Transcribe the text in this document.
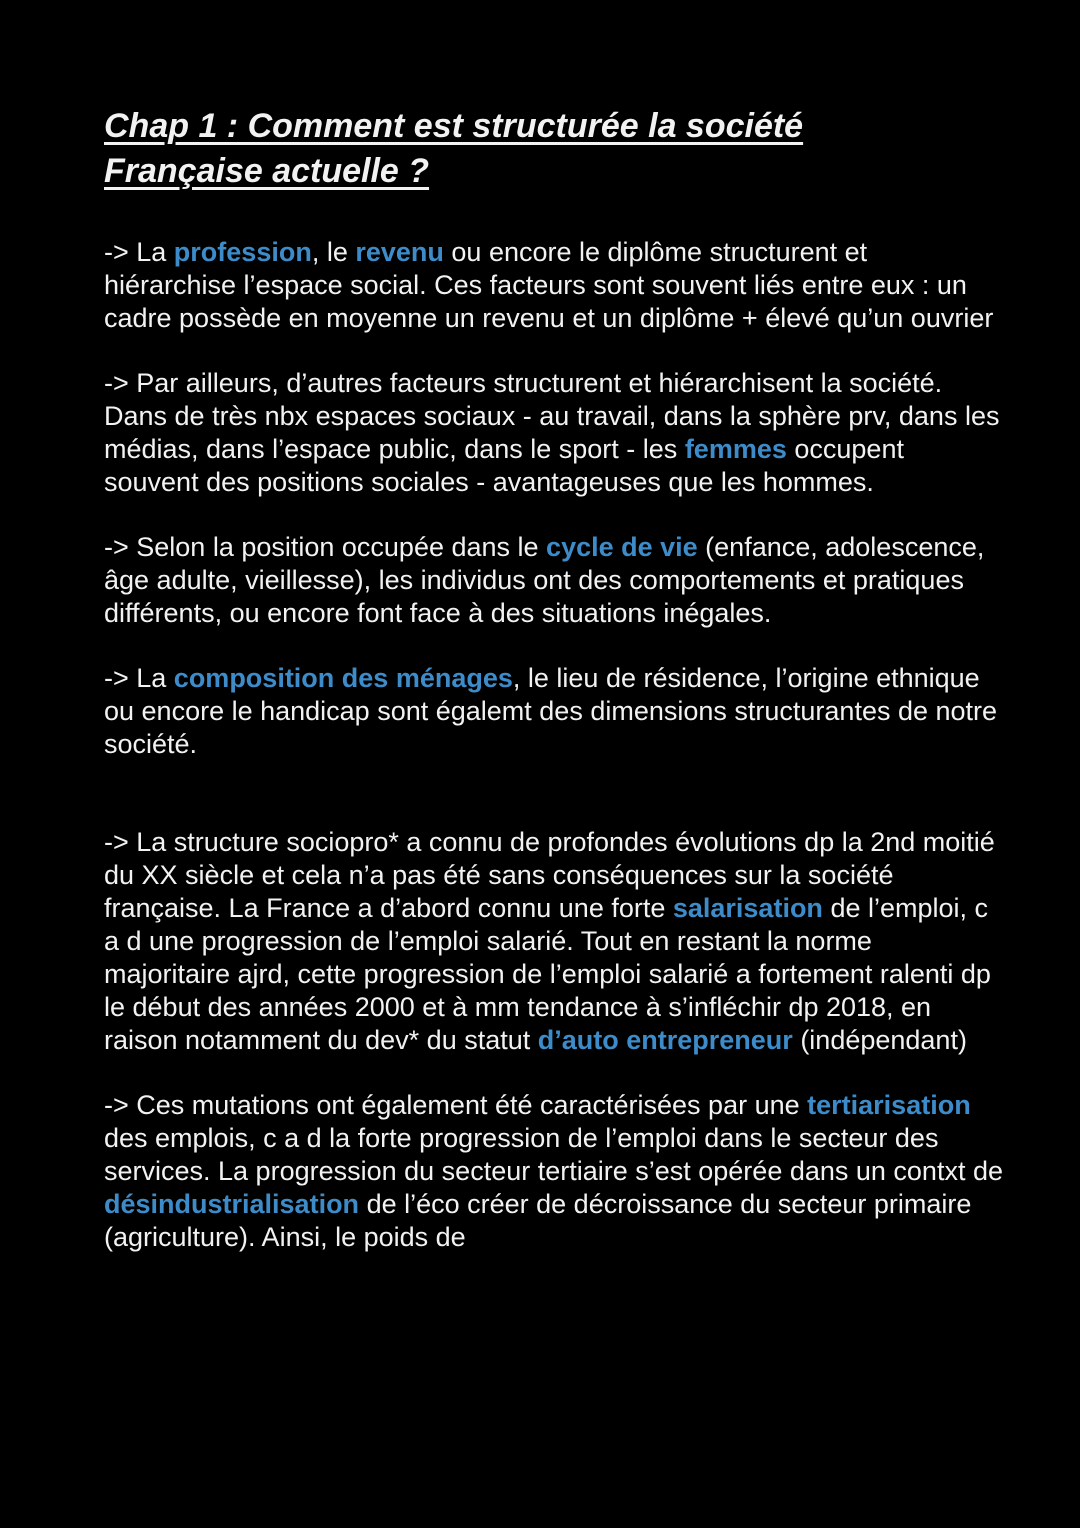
Chap 1 : Comment est structurée la société
Française actuelle ?

-> La profession, le revenu ou encore le diplôme structurent et hiérarchise l’espace social. Ces facteurs sont souvent liés entre eux : un cadre possède en moyenne un revenu et un diplôme + élevé qu’un ouvrier

-> Par ailleurs, d’autres facteurs structurent et hiérarchisent la société. Dans de très nbx espaces sociaux - au travail, dans la sphère prv, dans les médias, dans l’espace public, dans le sport - les femmes occupent souvent des positions sociales - avantageuses que les hommes.

-> Selon la position occupée dans le cycle de vie (enfance, adolescence, âge adulte, vieillesse), les individus ont des comportements et pratiques différents, ou encore font face à des situations inégales.

-> La composition des ménages, le lieu de résidence, l’origine ethnique ou encore le handicap sont égalemt des dimensions structurantes de notre société.

-> La structure sociopro* a connu de profondes évolutions dp la 2nd moitié du XX siècle et cela n’a pas été sans conséquences sur la société française. La France a d’abord connu une forte salarisation de l’emploi, c a d une progression de l’emploi salarié. Tout en restant la norme majoritaire ajrd, cette progression de l’emploi salarié a fortement ralenti dp le début des années 2000 et à mm tendance à s’infléchir dp 2018, en raison notamment du dev* du statut d’auto entrepreneur (indépendant)

-> Ces mutations ont également été caractérisées par une tertiarisation des emplois, c a d la forte progression de l’emploi dans le secteur des services. La progression du secteur tertiaire s’est opérée dans un contxt de désindustrialisation de l’éco créer de décroissance du secteur primaire (agriculture). Ainsi, le poids de
